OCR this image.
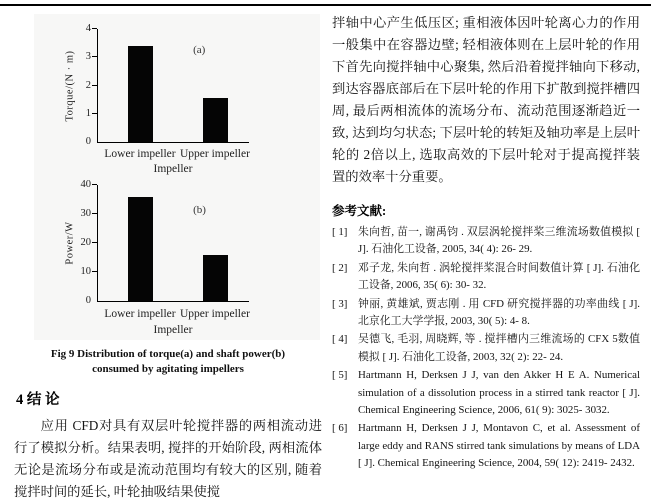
Torque/(N · m)	(a)
0
1
2
3
4
Impeller
Lower impeller Upper impeller
Power/W
(b)
0
10
20
30
40
Impeller
Lower impeller Upper impeller
Fig 9 Distribution of torque(a) and shaft power(b)
consumed by agitating impellers
4 结 论

应用 CFD对具有双层叶轮搅拌器的两相流动进行了模拟分析。结果表明, 搅拌的开始阶段, 两相流体无论是流场分布或是流动范围均有较大的区别, 随着搅拌时间的延长, 叶轮抽吸结果使搅

拌轴中心产生低压区; 重相液体因叶轮离心力的作用一般集中在容器边壁; 轻相液体则在上层叶轮的作用下首先向搅拌轴中心聚集, 然后沿着搅拌轴向下移动, 到达容器底部后在下层叶轮的作用下扩散到搅拌槽四周, 最后两相流体的流场分布、流动范围逐渐趋近一致, 达到均匀状态; 下层叶轮的转矩及轴功率是上层叶轮的 2倍以上, 选取高效的下层叶轮对于提高搅拌装置的效率十分重要。

参考文献:
[ 1] 朱向哲, 苗一, 谢禹钧 . 双层涡轮搅拌桨三维流场数值模拟 [ J]. 石油化工设备, 2005, 34( 4): 26- 29.
[ 2] 邓子龙, 朱向哲 . 涡轮搅拌桨混合时间数值计算 [ J]. 石油化工设备, 2006, 35( 6): 30- 32.
[ 3] 钟丽, 黄雄斌, 贾志刚 . 用 CFD 研究搅拌器的功率曲线 [ J]. 北京化工大学学报, 2003, 30( 5): 4- 8.
[ 4] 吴德飞, 毛羽, 周晓辉, 等 . 搅拌槽内三维流场的 CFX 5数值模拟 [ J]. 石油化工设备, 2003, 32( 2): 22- 24.
[ 5] Hartmann H, Derksen J J, van den Akker H E A. Numerical simulation of a dissolution process in a stirred tank reactor [ J]. Chemical Engineering Science, 2006, 61( 9): 3025- 3032.
[ 6] Hartmann H, Derksen J J, Montavon C, et al. Assessment of large eddy and RANS stirred tank simulations by means of LDA [ J]. Chemical Engineering Science, 2004, 59( 12): 2419- 2432.
